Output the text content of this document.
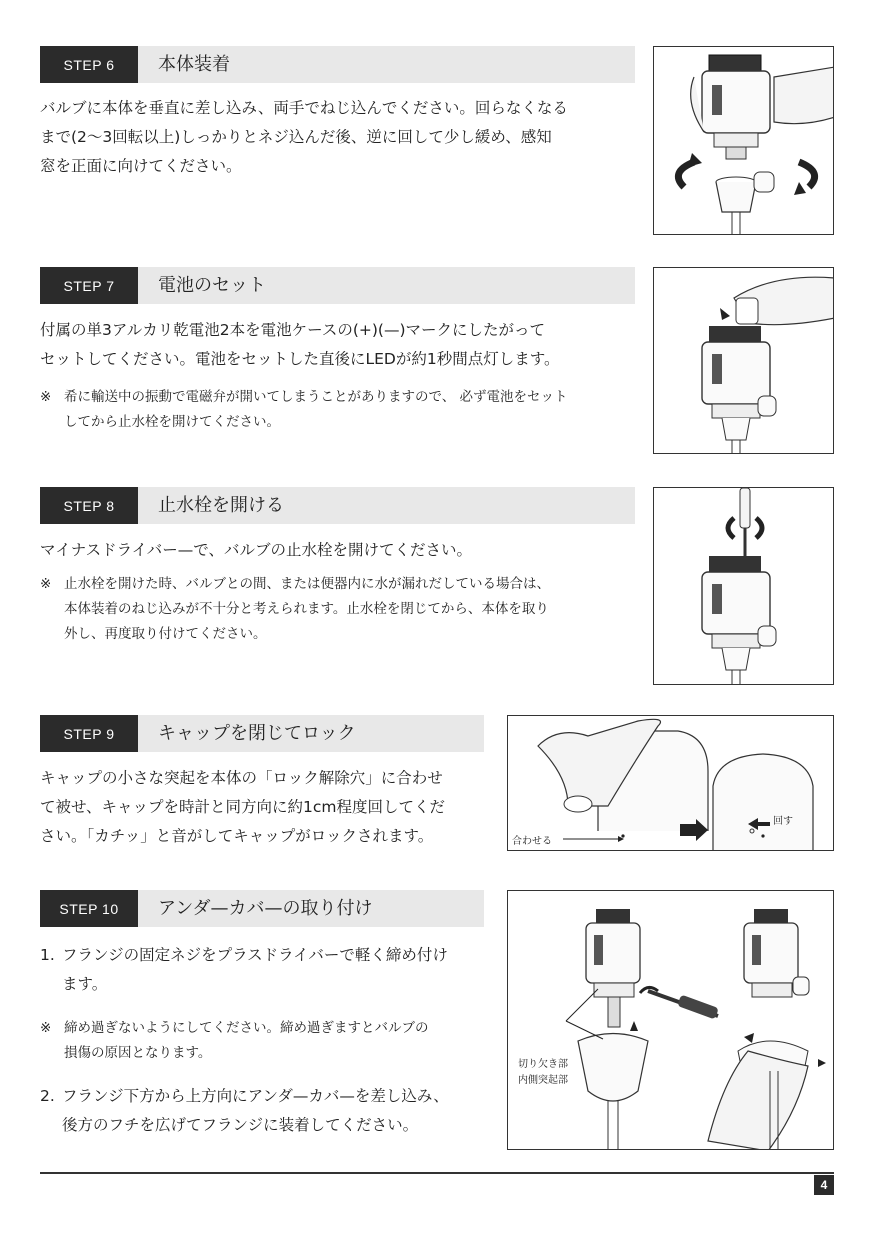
STEP 6	本体装着
バルブに本体を垂直に差し込み、両手でねじ込んでください。回らなくなる
まで(2〜3回転以上)しっかりとネジ込んだ後、逆に回して少し緩め、感知
窓を正面に向けてください。
STEP 7	電池のセット
付属の単3アルカリ乾電池2本を電池ケースの(+)(—)マークにしたがって
セットしてください。電池をセットした直後にLEDが約1秒間点灯します。
※ 希に輸送中の振動で電磁弁が開いてしまうことがありますので、 必ず電池をセット
してから止水栓を開けてください。
STEP 8	止水栓を開ける
マイナスドライバー—で、バルブの止水栓を開けてください。
※ 止水栓を開けた時、バルブとの間、または便器内に水が漏れだしている場合は、
本体装着のねじ込みが不十分と考えられます。止水栓を閉じてから、本体を取り
外し、再度取り付けてください。
STEP 9	キャップを閉じてロック
キャップの小さな突起を本体の「ロック解除穴」に合わせ
て被せ、キャップを時計と同方向に約1cm程度回してくだ
さい。「カチッ」と音がしてキャップがロックされます。	合わせる
回す
STEP 10	アンダ—カバ—の取り付け
1. フランジの固定ネジをプラスドライバーで軽く締め付け
ます。
※ 締め過ぎないようにしてください。締め過ぎますとバルブの
損傷の原因となります。
2. フランジ下方から上方向にアンダ—カバ—を差し込み、
後方のフチを広げてフランジに装着してください。
切り欠き部
内側突起部
4
